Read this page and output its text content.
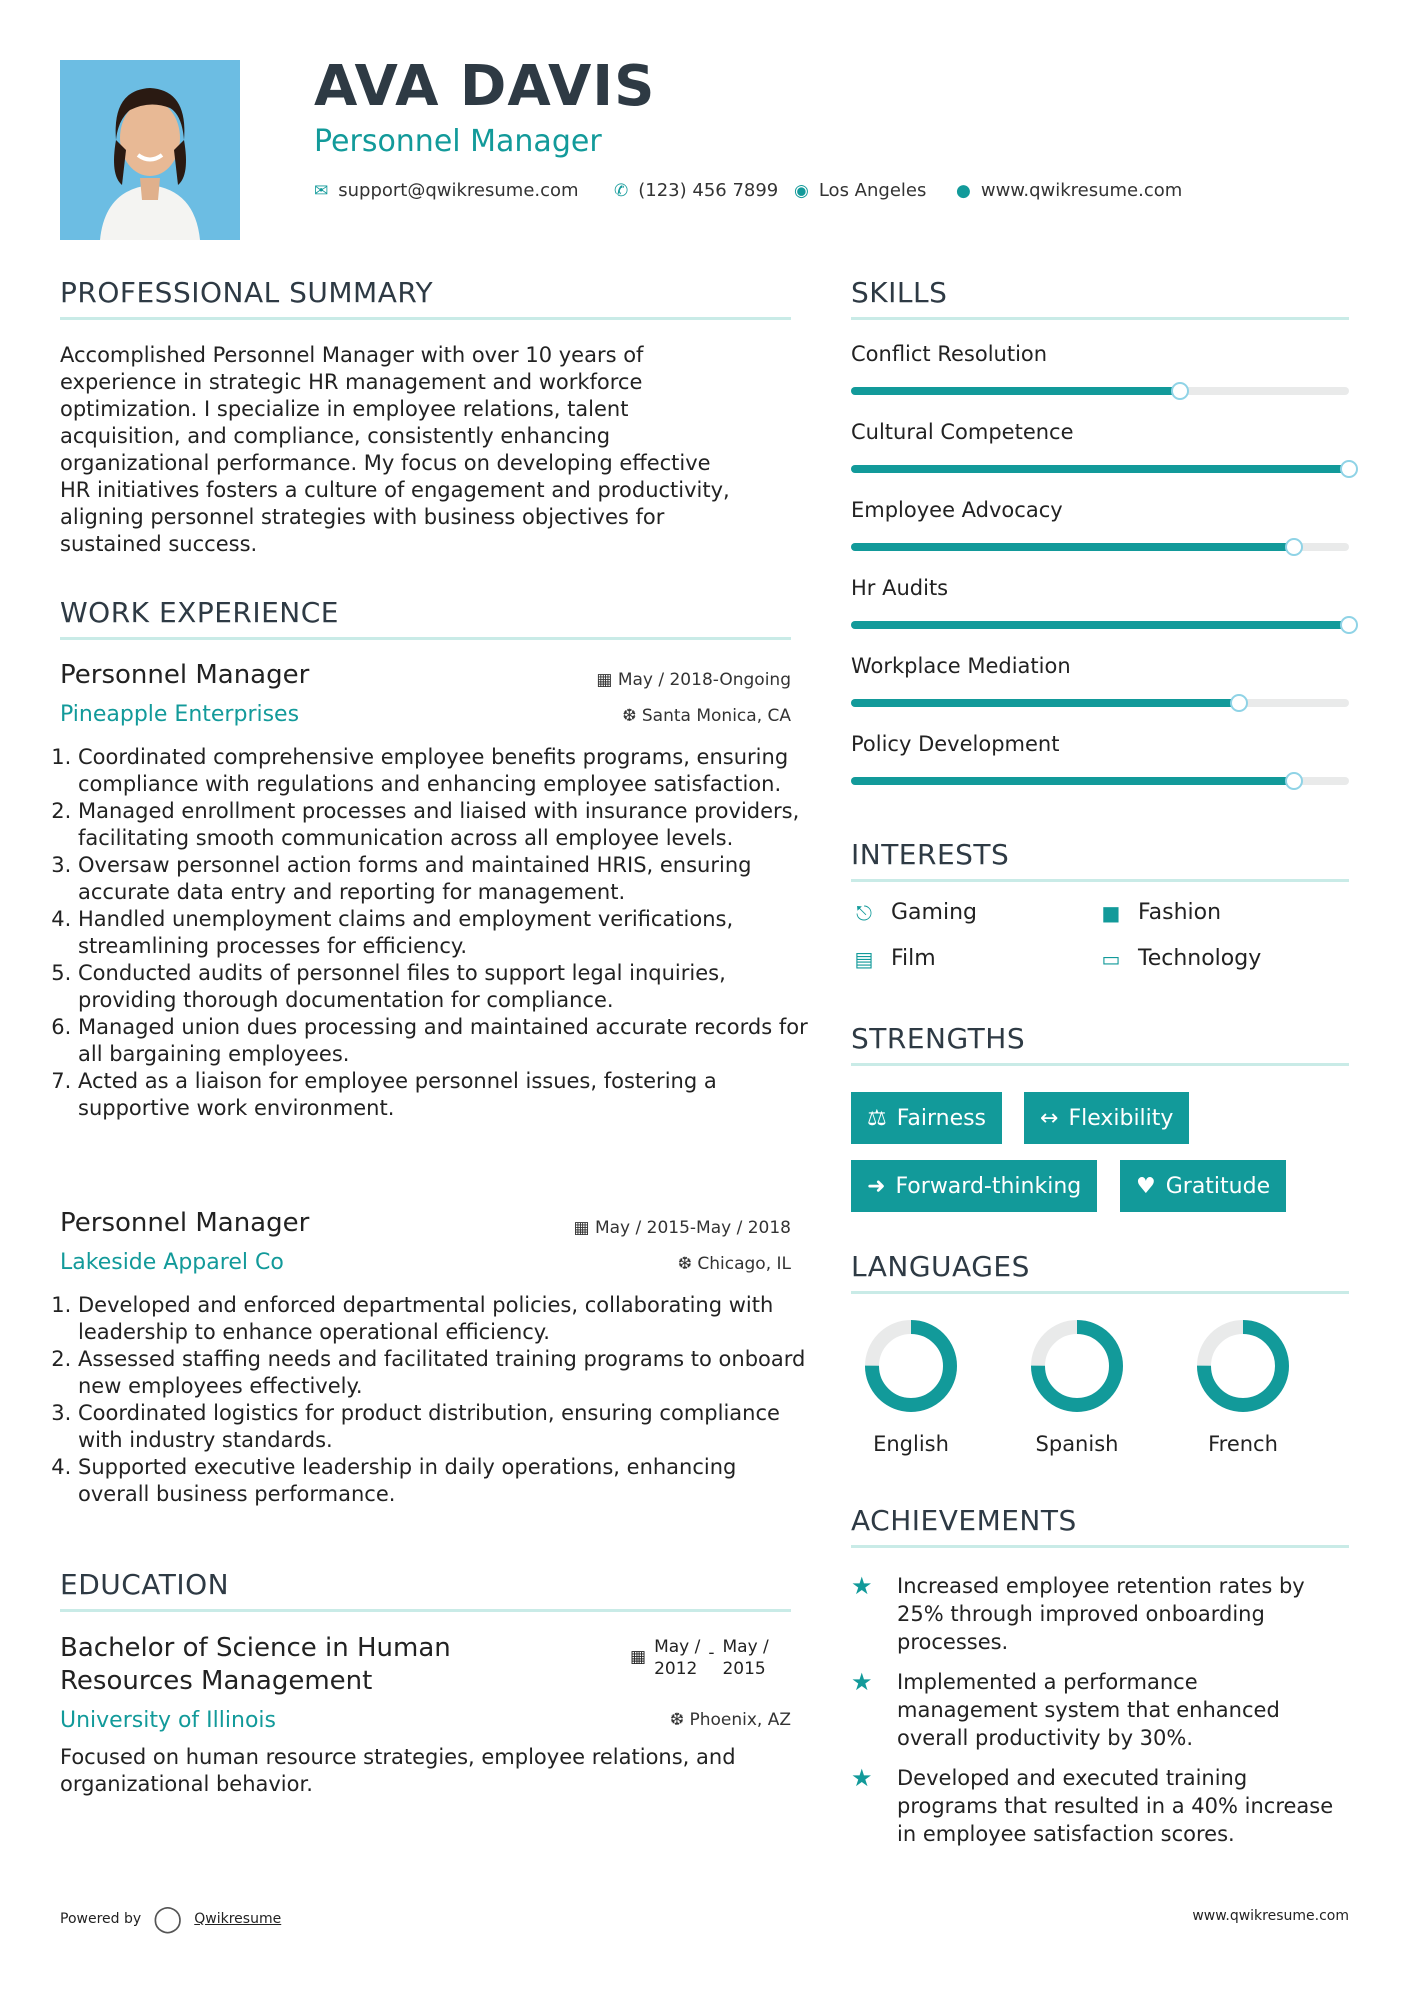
AVA DAVIS
Personnel Manager
✉ support@qwikresume.com ✆ (123) 456 7899 ◉ Los Angeles ● www.qwikresume.com
PROFESSIONAL SUMMARY
Accomplished Personnel Manager with over 10 years of
experience in strategic HR management and workforce
optimization. I specialize in employee relations, talent
acquisition, and compliance, consistently enhancing
organizational performance. My focus on developing effective
HR initiatives fosters a culture of engagement and productivity,
aligning personnel strategies with business objectives for
sustained success.
WORK EXPERIENCE
Personnel Manager	▦ May / 2018-Ongoing
Pineapple Enterprises	❆ Santa Monica, CA
1. Coordinated comprehensive employee benefits programs, ensuring compliance with regulations and enhancing employee satisfaction.
2. Managed enrollment processes and liaised with insurance providers, facilitating smooth communication across all employee levels.
3. Oversaw personnel action forms and maintained HRIS, ensuring accurate data entry and reporting for management.
4. Handled unemployment claims and employment verifications, streamlining processes for efficiency.
5. Conducted audits of personnel files to support legal inquiries, providing thorough documentation for compliance.
6. Managed union dues processing and maintained accurate records for all bargaining employees.
7. Acted as a liaison for employee personnel issues, fostering a supportive work environment.
Personnel Manager	▦ May / 2015-May / 2018
Lakeside Apparel Co	❆ Chicago, IL
1. Developed and enforced departmental policies, collaborating with leadership to enhance operational efficiency.
2. Assessed staffing needs and facilitated training programs to onboard new employees effectively.
3. Coordinated logistics for product distribution, ensuring compliance with industry standards.
4. Supported executive leadership in daily operations, enhancing overall business performance.
EDUCATION
Bachelor of Science in Human
Resources Management
▦ May /
2012
- May /
2015
University of Illinois	❆ Phoenix, AZ
Focused on human resource strategies, employee relations, and organizational behavior.
SKILLS
Conflict Resolution
Cultural Competence
Employee Advocacy
Hr Audits
Workplace Mediation
Policy Development
INTERESTS
⎋ Gaming	■ Fashion
▤ Film	▭ Technology
STRENGTHS
⚖ Fairness ↔ Flexibility
➜ Forward-thinking ♥ Gratitude
LANGUAGES
English	Spanish	French
ACHIEVEMENTS
★	Increased employee retention rates by 25% through improved onboarding processes.
★	Implemented a performance management system that enhanced overall productivity by 30%.
★	Developed and executed training programs that resulted in a 40% increase in employee satisfaction scores.
Powered by ◯ Qwikresume	www.qwikresume.com
